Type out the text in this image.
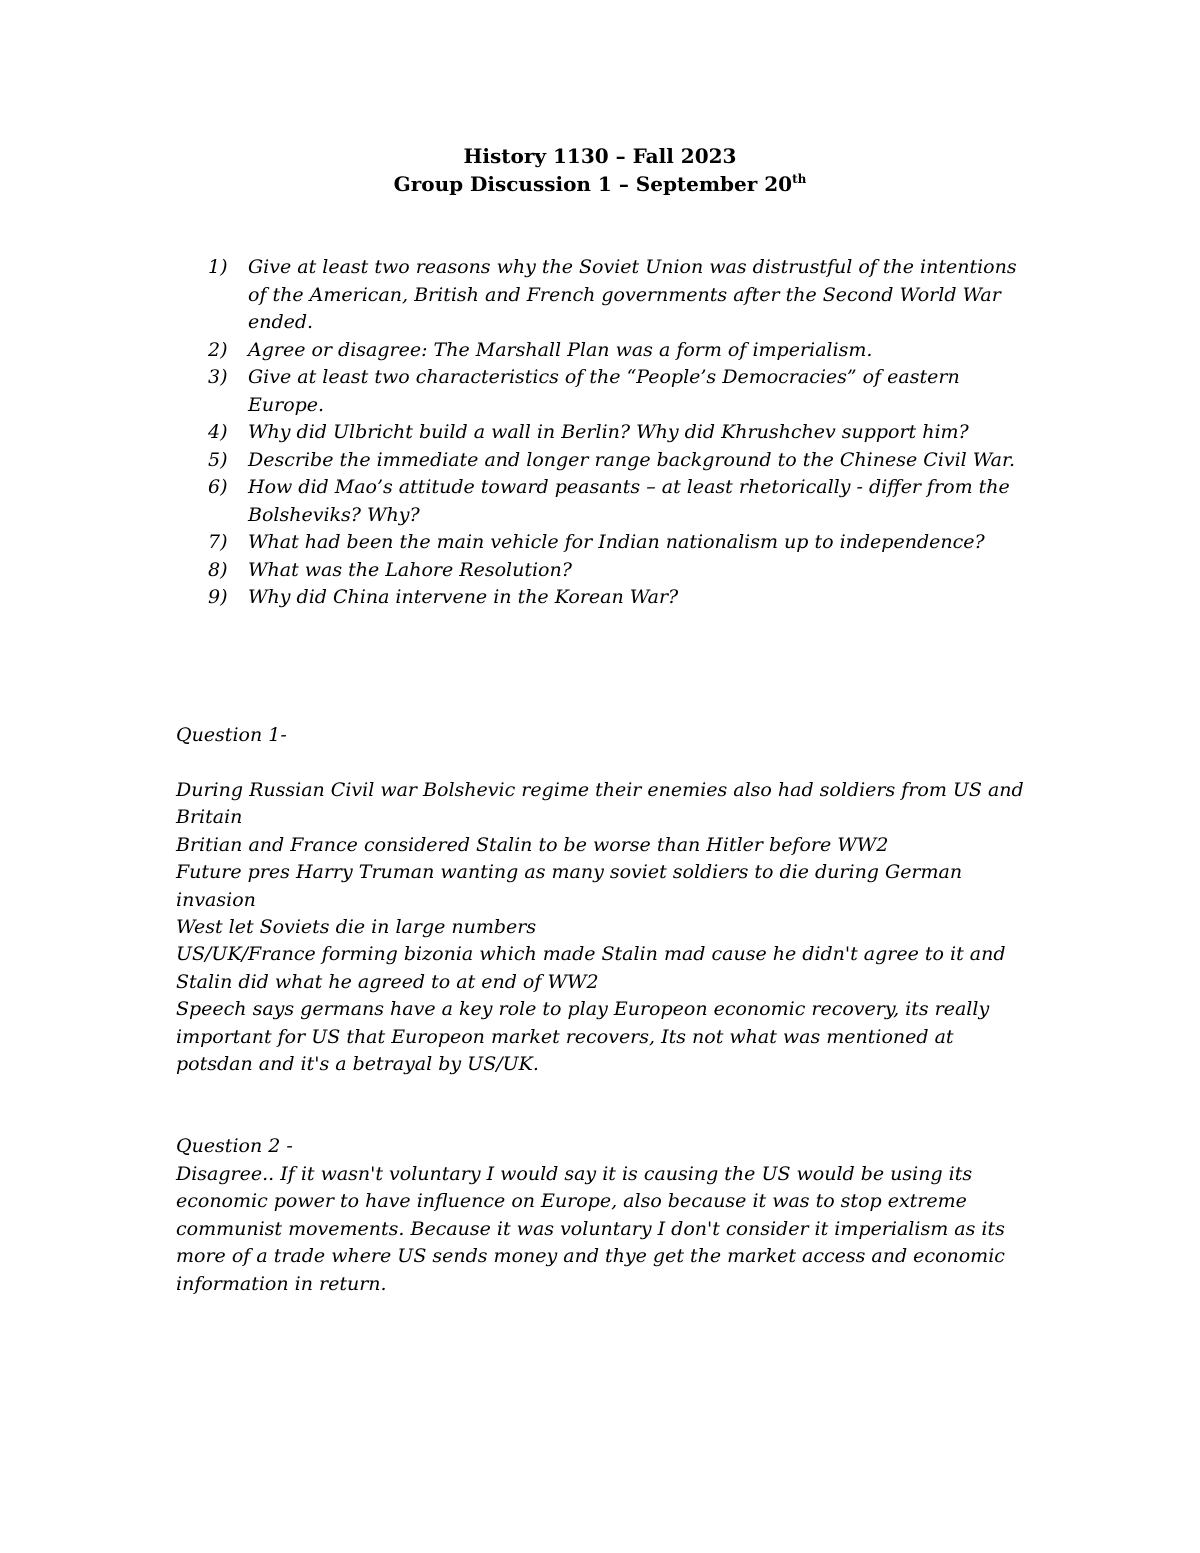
History 1130 – Fall 2023
Group Discussion 1 – September 20th
1)	Give at least two reasons why the Soviet Union was distrustful of the intentions of the American, British and French governments after the Second World War ended.
2)	Agree or disagree: The Marshall Plan was a form of imperialism.
3)	Give at least two characteristics of the “People’s Democracies” of eastern Europe.
4)	Why did Ulbricht build a wall in Berlin? Why did Khrushchev support him?
5)	Describe the immediate and longer range background to the Chinese Civil War.
6)	How did Mao’s attitude toward peasants – at least rhetorically - differ from the Bolsheviks? Why?
7)	What had been the main vehicle for Indian nationalism up to independence?
8)	What was the Lahore Resolution?
9)	Why did China intervene in the Korean War?
Question 1-

During Russian Civil war Bolshevic regime their enemies also had soldiers from US and Britain

Britian and France considered Stalin to be worse than Hitler before WW2

Future pres Harry Truman wanting as many soviet soldiers to die during German invasion

West let Soviets die in large numbers

US/UK/France forming bizonia which made Stalin mad cause he didn't agree to it and Stalin did what he agreed to at end of WW2

Speech says germans have a key role to play Europeon economic recovery, its really important for US that Europeon market recovers, Its not what was mentioned at potsdan and it's a betrayal by US/UK.

Question 2 -

Disagree.. If it wasn't voluntary I would say it is causing the US would be using its economic power to have influence on Europe, also because it was to stop extreme communist movements. Because it was voluntary I don't consider it imperialism as its more of a trade where US sends money and thye get the market access and economic information in return.
